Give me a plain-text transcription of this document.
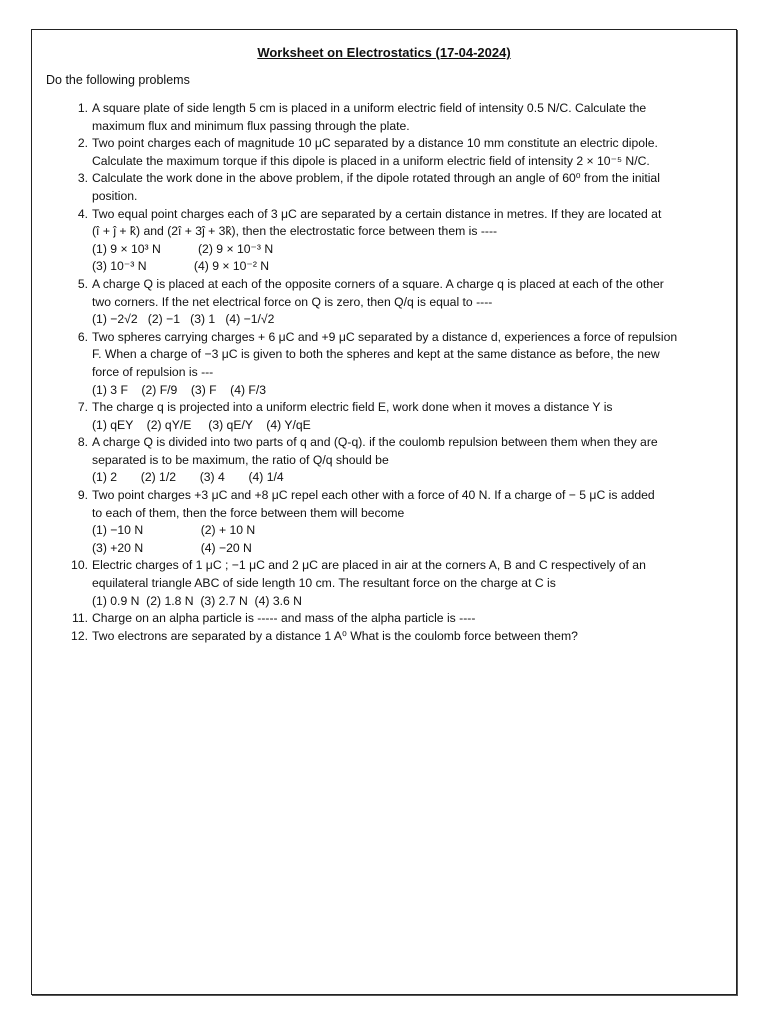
Worksheet on Electrostatics (17-04-2024)
Do the following problems
1. A square plate of side length 5 cm is placed in a uniform electric field of intensity 0.5 N/C. Calculate the
maximum flux and minimum flux passing through the plate.
2. Two point charges each of magnitude 10 μC separated by a distance 10 mm constitute an electric dipole.
Calculate the maximum torque if this dipole is placed in a uniform electric field of intensity 2 × 10⁻⁵ N/C.
3. Calculate the work done in the above problem, if the dipole rotated through an angle of 60⁰ from the initial
position.
4. Two equal point charges each of 3 μC are separated by a certain distance in metres. If they are located at
(î + ĵ + k̂) and (2î + 3ĵ + 3k̂), then the electrostatic force between them is ----
(1) 9 × 10³ N           (2) 9 × 10⁻³ N
(3) 10⁻³ N              (4) 9 × 10⁻² N
5. A charge Q is placed at each of the opposite corners of a square. A charge q is placed at each of the other
two corners. If the net electrical force on Q is zero, then Q/q is equal to ----
(1) −2√2   (2) −1   (3) 1   (4) −1/√2
6. Two spheres carrying charges + 6 μC and +9 μC separated by a distance d, experiences a force of repulsion
F. When a charge of −3 μC is given to both the spheres and kept at the same distance as before, the new
force of repulsion is ---
(1) 3 F    (2) F/9    (3) F    (4) F/3
7. The charge q is projected into a uniform electric field E, work done when it moves a distance Y is
(1) qEY    (2) qY/E     (3) qE/Y    (4) Y/qE
8. A charge Q is divided into two parts of q and (Q-q). if the coulomb repulsion between them when they are
separated is to be maximum, the ratio of Q/q should be
(1) 2       (2) 1/2       (3) 4       (4) 1/4
9. Two point charges +3 μC and +8 μC repel each other with a force of 40 N. If a charge of − 5 μC is added
to each of them, then the force between them will become
(1) −10 N                 (2) + 10 N
(3) +20 N                 (4) −20 N
10. Electric charges of 1 μC ; −1 μC and 2 μC are placed in air at the corners A, B and C respectively of an
equilateral triangle ABC of side length 10 cm. The resultant force on the charge at C is
(1) 0.9 N  (2) 1.8 N  (3) 2.7 N  (4) 3.6 N
11. Charge on an alpha particle is ----- and mass of the alpha particle is ----
12. Two electrons are separated by a distance 1 A⁰ What is the coulomb force between them?
